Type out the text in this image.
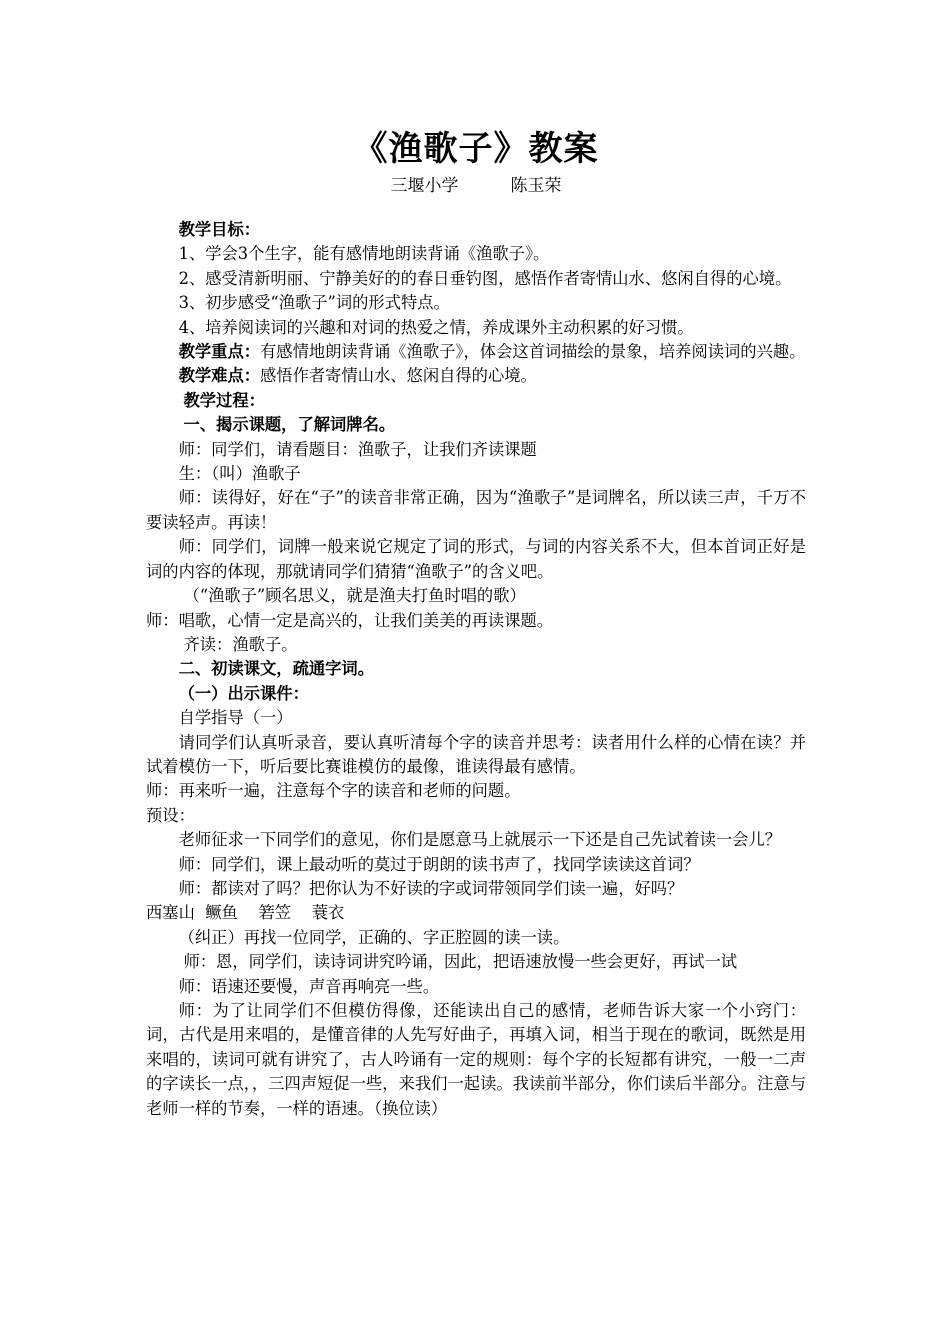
《渔歌子》教案
三堰小学	陈玉荣

教学目标：

1、学会3个生字，能有感情地朗读背诵《渔歌子》。

2、感受清新明丽、宁静美好的的春日垂钓图，感悟作者寄情山水、悠闲自得的心境。

3、初步感受“渔歌子”词的形式特点。

4、培养阅读词的兴趣和对词的热爱之情，养成课外主动积累的好习惯。

教学重点：有感情地朗读背诵《渔歌子》，体会这首词描绘的景象，培养阅读词的兴趣。

教学难点：感悟作者寄情山水、悠闲自得的心境。

教学过程：

一、揭示课题，了解词牌名。

师：同学们，请看题目：渔歌子，让我们齐读课题

生：（叫）渔歌子

师：读得好，好在“子”的读音非常正确，因为“渔歌子”是词牌名，所以读三声，千万不要读轻声。再读！

师：同学们，词牌一般来说它规定了词的形式，与词的内容关系不大，但本首词正好是词的内容的体现，那就请同学们猜猜“渔歌子”的含义吧。

（“渔歌子”顾名思义，就是渔夫打鱼时唱的歌）

师：唱歌，心情一定是高兴的，让我们美美的再读课题。

齐读：渔歌子。

二、初读课文，疏通字词。

（一）出示课件：

自学指导（一）

请同学们认真听录音，要认真听清每个字的读音并思考：读者用什么样的心情在读？并试着模仿一下，听后要比赛谁模仿的最像，谁读得最有感情。

师：再来听一遍，注意每个字的读音和老师的问题。

预设：

老师征求一下同学们的意见，你们是愿意马上就展示一下还是自己先试着读一会儿？

师：同学们，课上最动听的莫过于朗朗的读书声了，找同学读读这首词？

师：都读对了吗？把你认为不好读的字或词带领同学们读一遍，好吗？

西塞山  鳜鱼    箬笠    蓑衣

（纠正）再找一位同学，正确的、字正腔圆的读一读。

师：恩，同学们，读诗词讲究吟诵，因此，把语速放慢一些会更好，再试一试

师：语速还要慢，声音再响亮一些。

师：为了让同学们不但模仿得像，还能读出自己的感情，老师告诉大家一个小窍门：词，古代是用来唱的，是懂音律的人先写好曲子，再填入词，相当于现在的歌词，既然是用来唱的，读词可就有讲究了，古人吟诵有一定的规则：每个字的长短都有讲究，一般一二声的字读长一点，，三四声短促一些，来我们一起读。我读前半部分，你们读后半部分。注意与老师一样的节奏，一样的语速。（换位读）
